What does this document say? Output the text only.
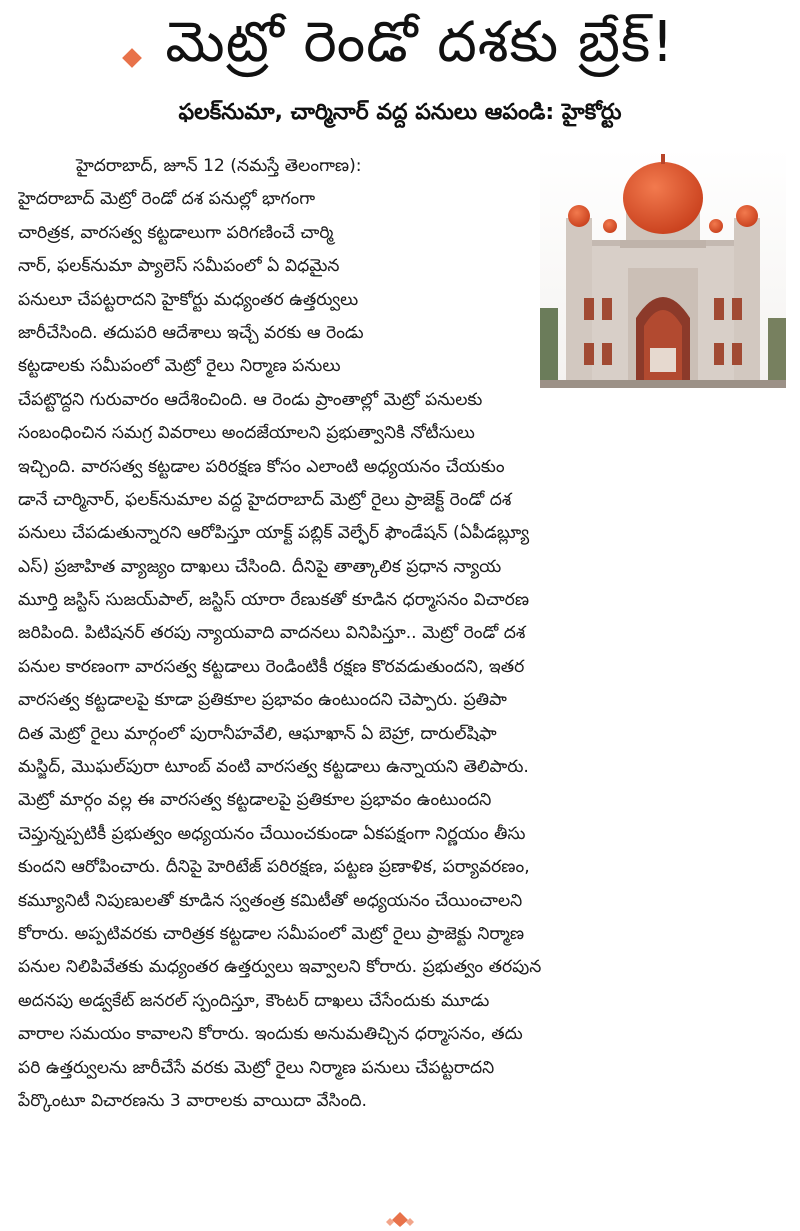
మెట్రో రెండో దశకు బ్రేక్!
ఫలక్‌నుమా, చార్మినార్ వద్ద పనులు ఆపండి: హైకోర్టు
హైదరాబాద్, జూన్ 12 (నమస్తే తెలంగాణ):
హైదరాబాద్ మెట్రో రెండో దశ పనుల్లో భాగంగా
చారిత్రక, వారసత్వ కట్టడాలుగా పరిగణించే చార్మి
నార్, ఫలక్‌నుమా ప్యాలెస్ సమీపంలో ఏ విధమైన
పనులూ చేపట్టరాదని హైకోర్టు మధ్యంతర ఉత్తర్వులు
జారీచేసింది. తదుపరి ఆదేశాలు ఇచ్చే వరకు ఆ రెండు
కట్టడాలకు సమీపంలో మెట్రో రైలు నిర్మాణ పనులు
చేపట్టొద్దని గురువారం ఆదేశించింది. ఆ రెండు ప్రాంతాల్లో మెట్రో పనులకు
సంబంధించిన సమగ్ర వివరాలు అందజేయాలని ప్రభుత్వానికి నోటీసులు
ఇచ్చింది. వారసత్వ కట్టడాల పరిరక్షణ కోసం ఎలాంటి అధ్యయనం చేయకుం
డానే చార్మినార్, ఫలక్‌నుమాల వద్ద హైదరాబాద్ మెట్రో రైలు ప్రాజెక్ట్ రెండో దశ
పనులు చేపడుతున్నారని ఆరోపిస్తూ యాక్ట్ పబ్లిక్ వెల్ఫేర్ ఫౌండేషన్ (ఏపీడబ్ల్యూ
ఎస్) ప్రజాహిత వ్యాజ్యం దాఖలు చేసింది. దీనిపై తాత్కాలిక ప్రధాన న్యాయ
మూర్తి జస్టిస్ సుజయ్‌పాల్, జస్టిస్ యారా రేణుకతో కూడిన ధర్మాసనం విచారణ
జరిపింది. పిటిషనర్ తరపు న్యాయవాది వాదనలు వినిపిస్తూ.. మెట్రో రెండో దశ
పనుల కారణంగా వారసత్వ కట్టడాలు రెండింటికీ రక్షణ కొరవడుతుందని, ఇతర
వారసత్వ కట్టడాలపై కూడా ప్రతికూల ప్రభావం ఉంటుందని చెప్పారు. ప్రతిపా
దిత మెట్రో రైలు మార్గంలో పురానీహవేలి, ఆఘాఖాన్ ఏ బెహ్రా, దారుల్‌షిఫా
మస్జిద్, మొఘల్‌పురా టూంబ్ వంటి వారసత్వ కట్టడాలు ఉన్నాయని తెలిపారు.
మెట్రో మార్గం వల్ల ఈ వారసత్వ కట్టడాలపై ప్రతికూల ప్రభావం ఉంటుందని
చెప్తున్నప్పటికీ ప్రభుత్వం అధ్యయనం చేయించకుండా ఏకపక్షంగా నిర్ణయం తీసు
కుందని ఆరోపించారు. దీనిపై హెరిటేజ్ పరిరక్షణ, పట్టణ ప్రణాళిక, పర్యావరణం,
కమ్యూనిటీ నిపుణులతో కూడిన స్వతంత్ర కమిటీతో అధ్యయనం చేయించాలని
కోరారు. అప్పటివరకు చారిత్రక కట్టడాల సమీపంలో మెట్రో రైలు ప్రాజెక్టు నిర్మాణ
పనుల నిలిపివేతకు మధ్యంతర ఉత్తర్వులు ఇవ్వాలని కోరారు. ప్రభుత్వం తరపున
అదనపు అడ్వకేట్ జనరల్ స్పందిస్తూ, కౌంటర్ దాఖలు చేసేందుకు మూడు
వారాల సమయం కావాలని కోరారు. ఇందుకు అనుమతిచ్చిన ధర్మాసనం, తదు
పరి ఉత్తర్వులను జారీచేసే వరకు మెట్రో రైలు నిర్మాణ పనులు చేపట్టరాదని
పేర్కొంటూ విచారణను 3 వారాలకు వాయిదా వేసింది.
